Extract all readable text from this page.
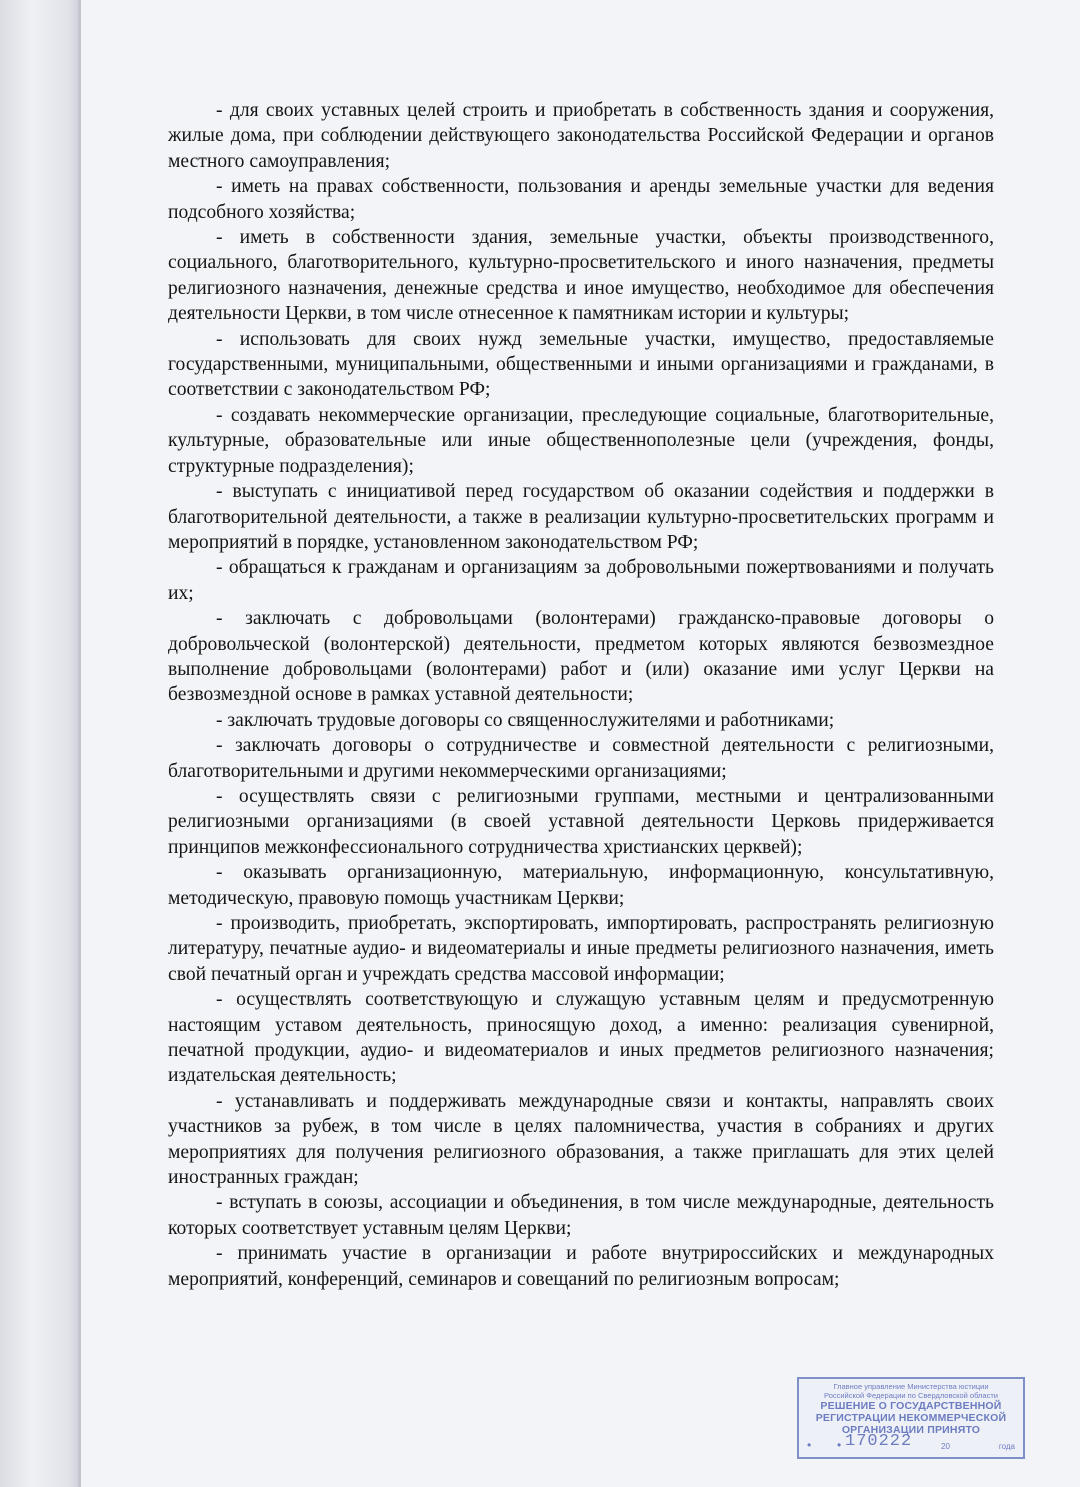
- для своих уставных целей строить и приобретать в собственность здания и сооружения, жилые дома, при соблюдении действующего законодательства Российской Федерации и органов местного самоуправления;

- иметь на правах собственности, пользования и аренды земельные участки для ведения подсобного хозяйства;

- иметь в собственности здания, земельные участки, объекты производственного, социального, благотворительного, культурно-просветительского и иного назначения, предметы религиозного назначения, денежные средства и иное имущество, необходимое для обеспечения деятельности Церкви, в том числе отнесенное к памятникам истории и культуры;

- использовать для своих нужд земельные участки, имущество, предоставляемые государственными, муниципальными, общественными и иными организациями и гражданами, в соответствии с законодательством РФ;

- создавать некоммерческие организации, преследующие социальные, благотворительные, культурные, образовательные или иные общественнополезные цели (учреждения, фонды, структурные подразделения);

- выступать с инициативой перед государством об оказании содействия и поддержки в благотворительной деятельности, а также в реализации культурно-просветительских программ и мероприятий в порядке, установленном законодательством РФ;

- обращаться к гражданам и организациям за добровольными пожертвованиями и получать их;

- заключать с добровольцами (волонтерами) гражданско-правовые договоры о добровольческой (волонтерской) деятельности, предметом которых являются безвозмездное выполнение добровольцами (волонтерами) работ и (или) оказание ими услуг Церкви на безвозмездной основе в рамках уставной деятельности;

- заключать трудовые договоры со священнослужителями и работниками;

- заключать договоры о сотрудничестве и совместной деятельности с религиозными, благотворительными и другими некоммерческими организациями;

- осуществлять связи с религиозными группами, местными и централизованными религиозными организациями (в своей уставной деятельности Церковь придерживается принципов межконфессионального сотрудничества христианских церквей);

- оказывать организационную, материальную, информационную, консультативную, методическую, правовую помощь участникам Церкви;

- производить, приобретать, экспортировать, импортировать, распространять религиозную литературу, печатные аудио- и видеоматериалы и иные предметы религиозного назначения, иметь свой печатный орган и учреждать средства массовой информации;

- осуществлять соответствующую и служащую уставным целям и предусмотренную настоящим уставом деятельность, приносящую доход, а именно: реализация сувенирной, печатной продукции, аудио- и видеоматериалов и иных предметов религиозного назначения; издательская деятельность;

- устанавливать и поддерживать международные связи и контакты, направлять своих участников за рубеж, в том числе в целях паломничества, участия в собраниях и других мероприятиях для получения религиозного образования, а также приглашать для этих целей иностранных граждан;

- вступать в союзы, ассоциации и объединения, в том числе международные, деятельность которых соответствует уставным целям Церкви;

- принимать участие в организации и работе внутрироссийских и международных мероприятий, конференций, семинаров и совещаний по религиозным вопросам;

Главное управление Министерства юстиции
Российской Федерации по Свердловской области
РЕШЕНИЕ О ГОСУДАРСТВЕННОЙ
РЕГИСТРАЦИИ НЕКОММЕРЧЕСКОЙ
ОРГАНИЗАЦИИ ПРИНЯТО
• • 170222	20	года
